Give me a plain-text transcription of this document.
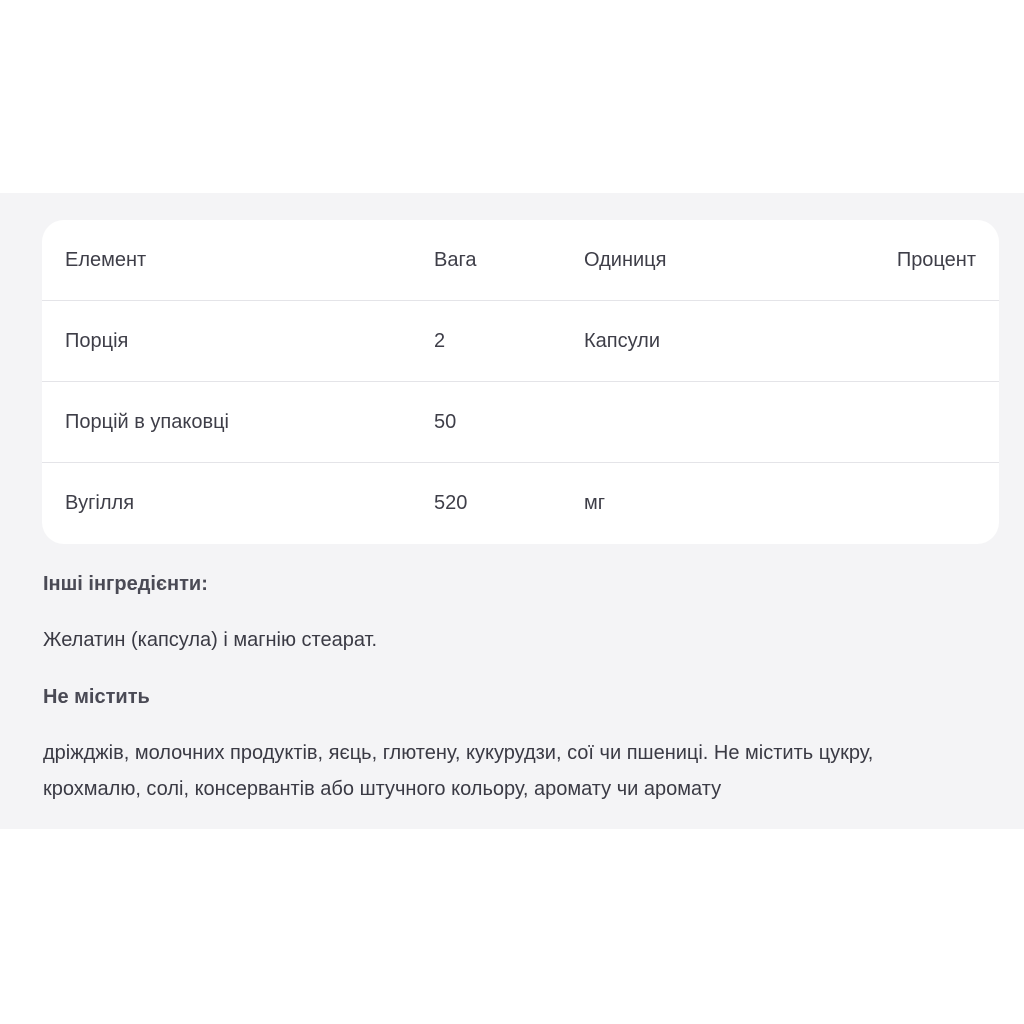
Елемент	Вага	Одиниця	Процент
Порція	2	Капсули
Порцій в упаковці	50
Вугілля	520	мг
Інші інгредієнти:
Желатин (капсула) і магнію стеарат.
Не містить
дріжджів, молочних продуктів, яєць, глютену, кукурудзи, сої чи пшениці. Не містить цукру,
крохмалю, солі, консервантів або штучного кольору, аромату чи аромату
